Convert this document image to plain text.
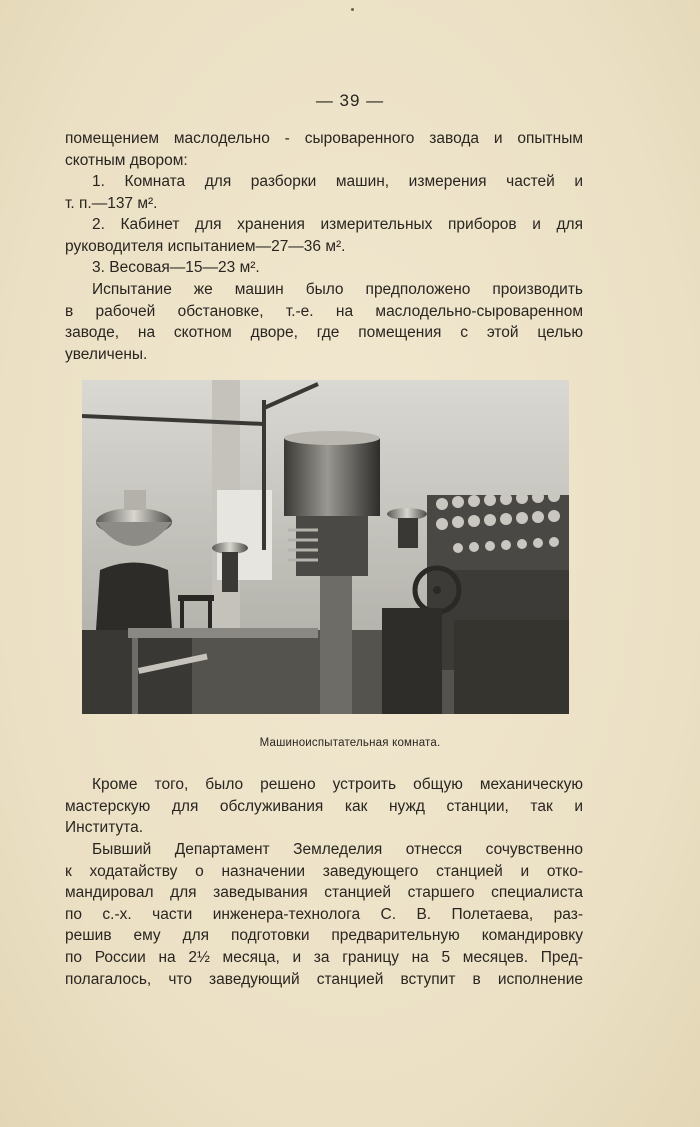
— 39 —
помещением маслодельно - сыроваренного завода и опытным
скотным двором:
1. Комната для разборки машин, измерения частей и
т. п.—137 м².
2. Кабинет для хранения измерительных приборов и для
руководителя испытанием—27—36 м².
3. Весовая—15—23 м².
Испытание же машин было предположено производить
в рабочей обстановке, т.-е. на маслодельно-сыроваренном
заводе, на скотном дворе, где помещения с этой целью
увеличены.
Машиноиспытательная комната.
Кроме того, было решено устроить общую механическую
мастерскую для обслуживания как нужд станции, так и
Института.
Бывший Департамент Земледелия отнесся сочувственно
к ходатайству о назначении заведующего станцией и отко-
мандировал для заведывания станцией старшего специалиста
по с.-х. части инженера-технолога С. В. Полетаева, раз-
решив ему для подготовки предварительную командировку
по России на 2½ месяца, и за границу на 5 месяцев. Пред-
полагалось, что заведующий станцией вступит в исполнение
